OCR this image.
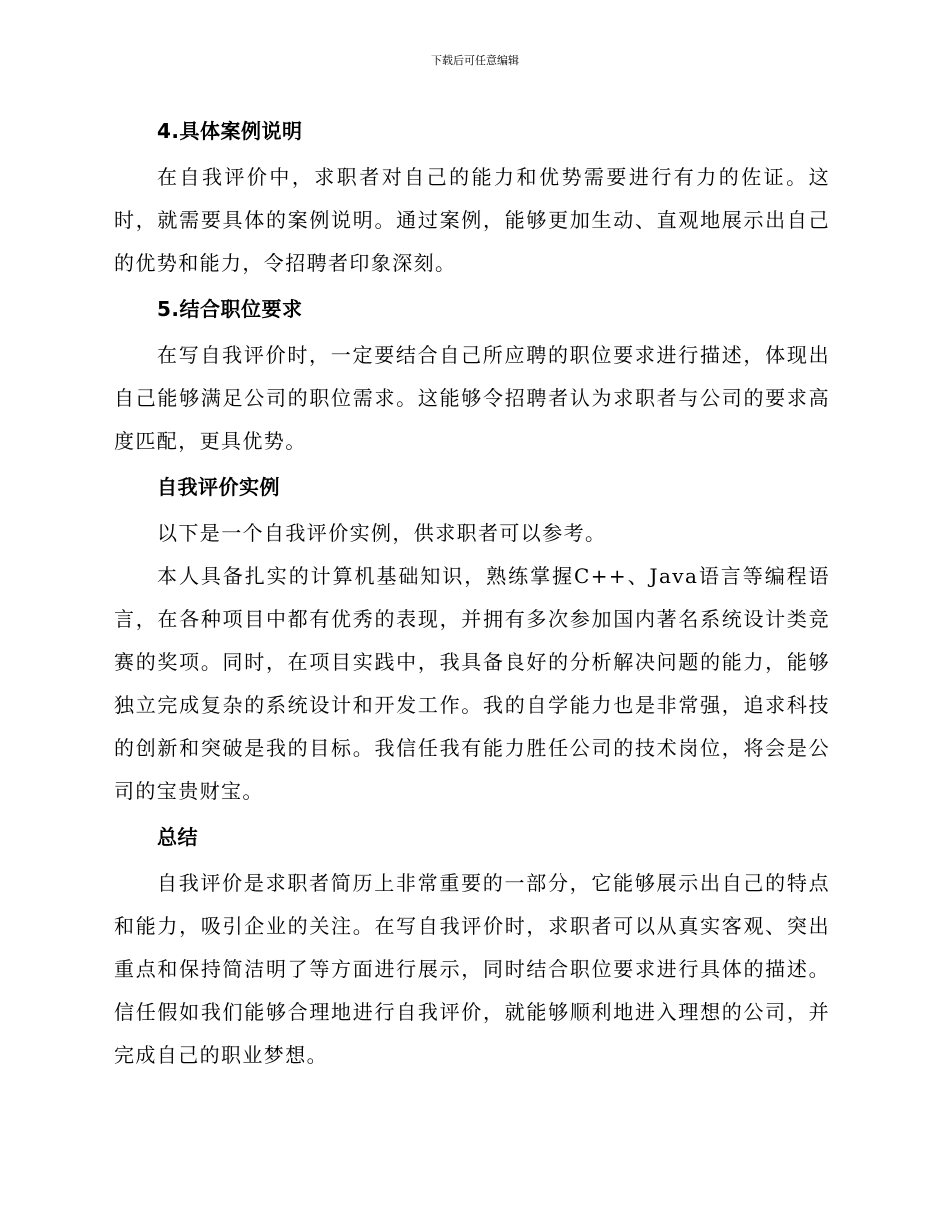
下载后可任意编辑
4.具体案例说明

在自我评价中，求职者对自己的能力和优势需要进行有力的佐证。这时，就需要具体的案例说明。通过案例，能够更加生动、直观地展示出自己的优势和能力，令招聘者印象深刻。

5.结合职位要求

在写自我评价时，一定要结合自己所应聘的职位要求进行描述，体现出自己能够满足公司的职位需求。这能够令招聘者认为求职者与公司的要求高度匹配，更具优势。

自我评价实例

以下是一个自我评价实例，供求职者可以参考。

本人具备扎实的计算机基础知识，熟练掌握C++、Java语言等编程语言，在各种项目中都有优秀的表现，并拥有多次参加国内著名系统设计类竞赛的奖项。同时，在项目实践中，我具备良好的分析解决问题的能力，能够独立完成复杂的系统设计和开发工作。我的自学能力也是非常强，追求科技的创新和突破是我的目标。我信任我有能力胜任公司的技术岗位，将会是公司的宝贵财宝。

总结

自我评价是求职者简历上非常重要的一部分，它能够展示出自己的特点和能力，吸引企业的关注。在写自我评价时，求职者可以从真实客观、突出重点和保持简洁明了等方面进行展示，同时结合职位要求进行具体的描述。信任假如我们能够合理地进行自我评价，就能够顺利地进入理想的公司，并完成自己的职业梦想。
